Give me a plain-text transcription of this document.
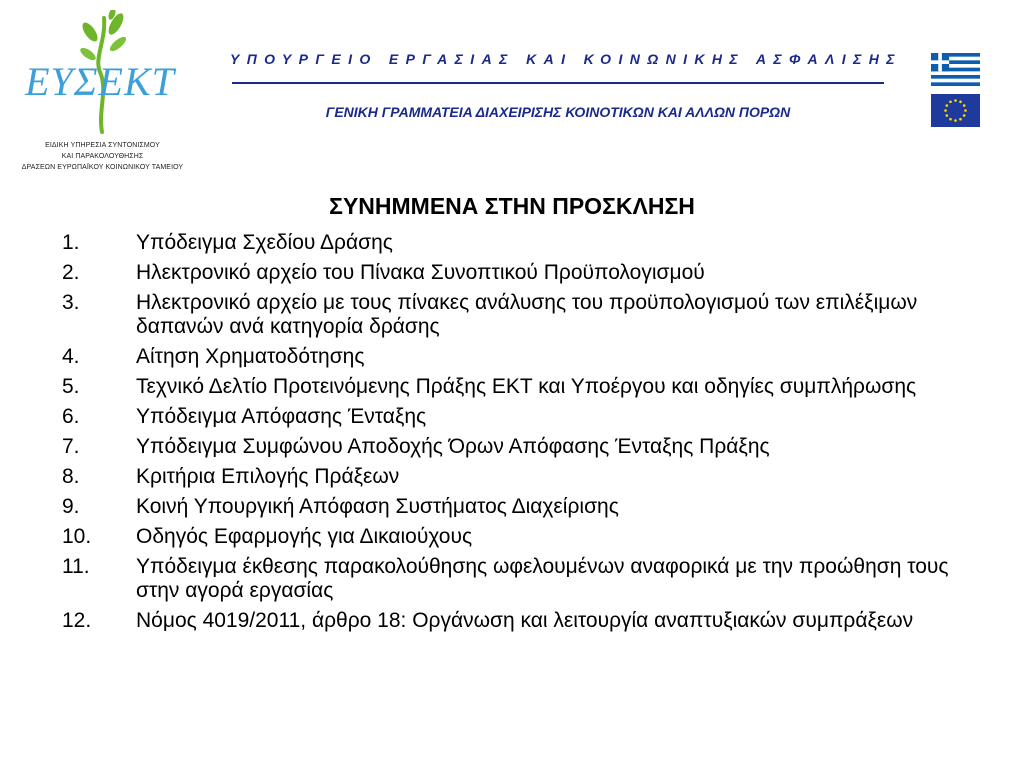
ΕΥΣΕΚΤ
ΕΙΔΙΚΗ ΥΠΗΡΕΣΙΑ ΣΥΝΤΟΝΙΣΜΟΥ
ΚΑΙ ΠΑΡΑΚΟΛΟΥΘΗΣΗΣ
ΔΡΑΣΕΩΝ ΕΥΡΩΠΑΪΚΟΥ ΚΟΙΝΩΝΙΚΟΥ ΤΑΜΕΙΟΥ
ΥΠΟΥΡΓΕΙΟ ΕΡΓΑΣΙΑΣ ΚΑΙ ΚΟΙΝΩΝΙΚΗΣ ΑΣΦΑΛΙΣΗΣ
ΓΕΝΙΚΗ ΓΡΑΜΜΑΤΕΙΑ ΔΙΑΧΕΙΡΙΣΗΣ ΚΟΙΝΟΤΙΚΩΝ ΚΑΙ ΑΛΛΩΝ ΠΟΡΩΝ
ΣΥΝΗΜΜΕΝΑ ΣΤΗΝ ΠΡΟΣΚΛΗΣΗ
1.	Υπόδειγμα Σχεδίου Δράσης
2.	Ηλεκτρονικό αρχείο του Πίνακα Συνοπτικού Προϋπολογισμού
3.	Ηλεκτρονικό αρχείο με τους πίνακες ανάλυσης του προϋπολογισμού των επιλέξιμων δαπανών ανά κατηγορία δράσης
4.	Αίτηση Χρηματοδότησης
5.	Τεχνικό Δελτίο Προτεινόμενης Πράξης ΕΚΤ και Υποέργου και οδηγίες συμπλήρωσης
6.	Υπόδειγμα Απόφασης Ένταξης
7.	Υπόδειγμα Συμφώνου Αποδοχής Όρων Απόφασης Ένταξης Πράξης
8.	Κριτήρια Επιλογής Πράξεων
9.	Κοινή Υπουργική Απόφαση Συστήματος Διαχείρισης
10. Οδηγός Εφαρμογής για Δικαιούχους
11. Υπόδειγμα έκθεσης παρακολούθησης ωφελουμένων αναφορικά με την προώθηση τους στην αγορά εργασίας
12. Νόμος 4019/2011, άρθρο 18: Οργάνωση και λειτουργία αναπτυξιακών συμπράξεων
